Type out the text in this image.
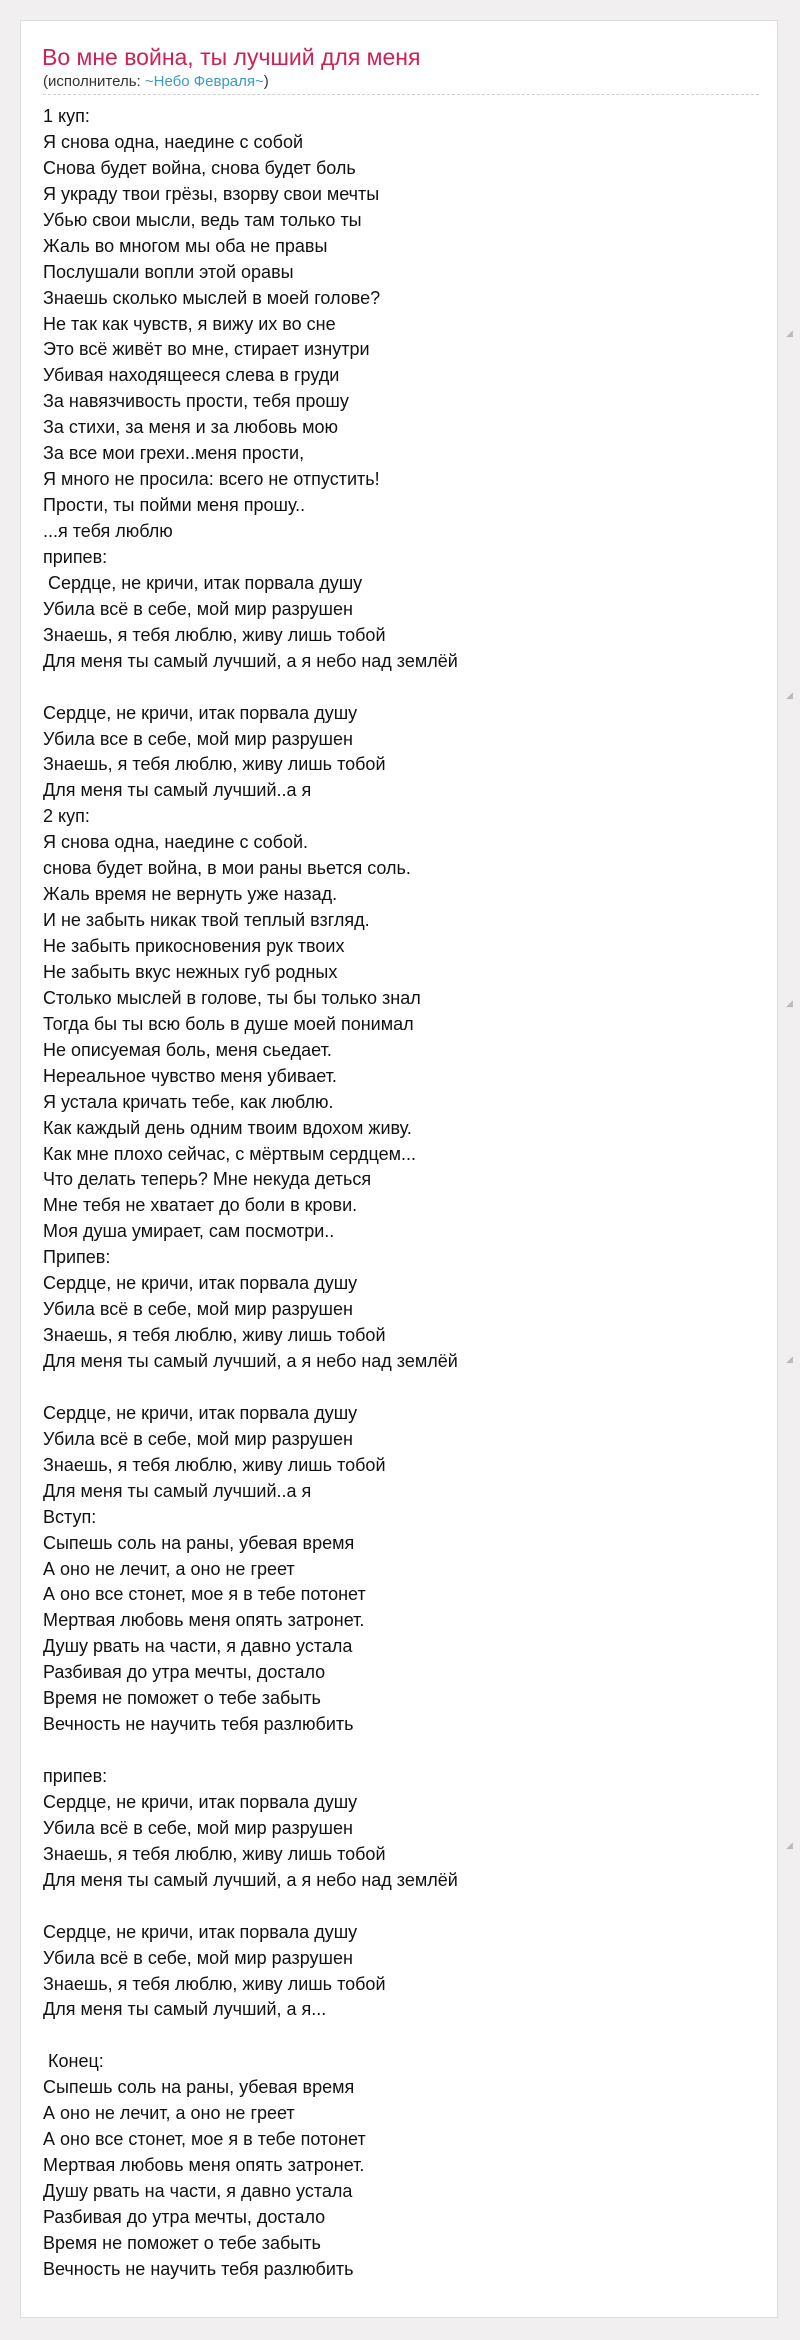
Во мне война, ты лучший для меня
(исполнитель: ~Небо Февраля~)
1 куп:
Я снова одна, наедине с собой
Снова будет война, снова будет боль
Я украду твои грёзы, взорву свои мечты
Убью свои мысли, ведь там только ты
Жаль во многом мы оба не правы
Послушали вопли этой оравы
Знаешь сколько мыслей в моей голове?
Не так как чувств, я вижу их во сне
Это всё живёт во мне, стирает изнутри
Убивая находящееся слева в груди
За навязчивость прости, тебя прошу
За стихи, за меня и за любовь мою
За все мои грехи..меня прости,
Я много не просила: всего не отпустить!
Прости, ты пойми меня прошу..
...я тебя люблю
припев:
Сердце, не кричи, итак порвала душу
Убила всё в себе, мой мир разрушен
Знаешь, я тебя люблю, живу лишь тобой
Для меня ты самый лучший, а я небо над землёй
Сердце, не кричи, итак порвала душу
Убила все в себе, мой мир разрушен
Знаешь, я тебя люблю, живу лишь тобой
Для меня ты самый лучший..а я
2 куп:
Я снова одна, наедине с собой.
снова будет война, в мои раны вьется соль.
Жаль время не вернуть уже назад.
И не забыть никак твой теплый взгляд.
Не забыть прикосновения рук твоих
Не забыть вкус нежных губ родных
Столько мыслей в голове, ты бы только знал
Тогда бы ты всю боль в душе моей понимал
Не описуемая боль, меня сьедает.
Нереальное чувство меня убивает.
Я устала кричать тебе, как люблю.
Как каждый день одним твоим вдохом живу.
Как мне плохо сейчас, с мёртвым сердцем...
Что делать теперь? Мне некуда деться
Мне тебя не хватает до боли в крови.
Моя душа умирает, сам посмотри..
Припев:
Сердце, не кричи, итак порвала душу
Убила всё в себе, мой мир разрушен
Знаешь, я тебя люблю, живу лишь тобой
Для меня ты самый лучший, а я небо над землёй
Сердце, не кричи, итак порвала душу
Убила всё в себе, мой мир разрушен
Знаешь, я тебя люблю, живу лишь тобой
Для меня ты самый лучший..а я
Вступ:
Сыпешь соль на раны, убевая время
А оно не лечит, а оно не греет
А оно все стонет, мое я в тебе потонет
Мертвая любовь меня опять затронет.
Душу рвать на части, я давно устала
Разбивая до утра мечты, достало
Время не поможет о тебе забыть
Вечность не научить тебя разлюбить
припев:
Сердце, не кричи, итак порвала душу
Убила всё в себе, мой мир разрушен
Знаешь, я тебя люблю, живу лишь тобой
Для меня ты самый лучший, а я небо над землёй
Сердце, не кричи, итак порвала душу
Убила всё в себе, мой мир разрушен
Знаешь, я тебя люблю, живу лишь тобой
Для меня ты самый лучший, а я...
Конец:
Сыпешь соль на раны, убевая время
А оно не лечит, а оно не греет
А оно все стонет, мое я в тебе потонет
Мертвая любовь меня опять затронет.
Душу рвать на части, я давно устала
Разбивая до утра мечты, достало
Время не поможет о тебе забыть
Вечность не научить тебя разлюбить
◢
◢
◢
◢
◢
